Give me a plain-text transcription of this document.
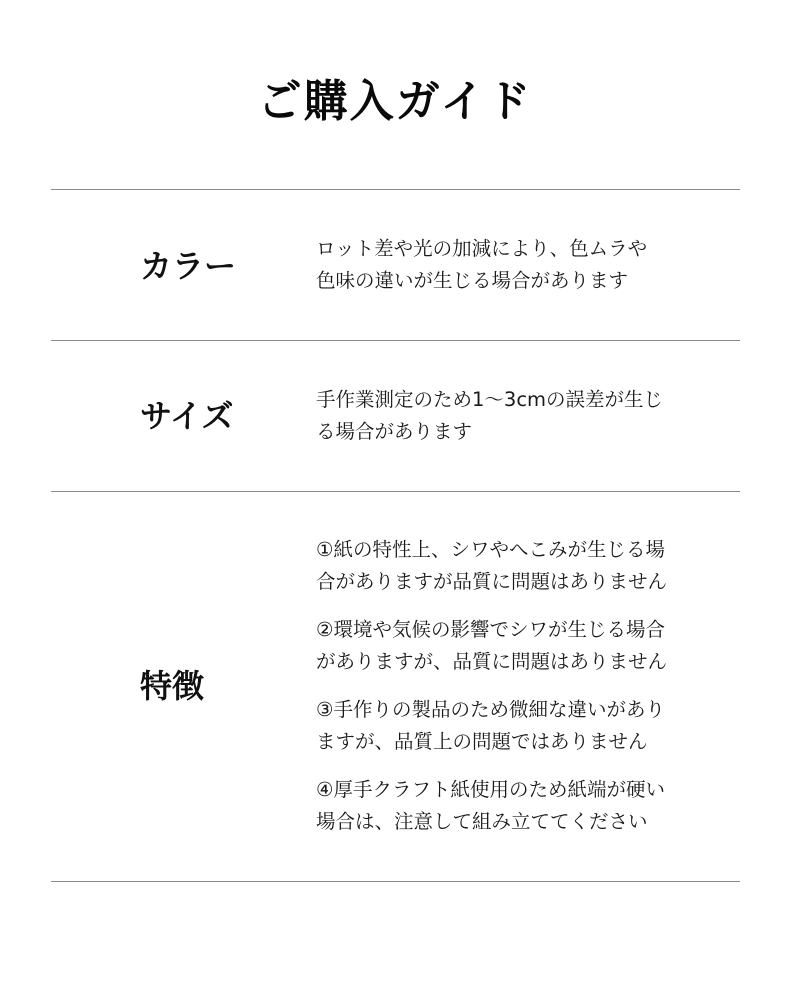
ご購入ガイド
カラー	ロット差や光の加減により、色ムラや
色味の違いが生じる場合があります
サイズ	手作業測定のため1〜3cmの誤差が生じ
る場合があります
特徴
①紙の特性上、シワやへこみが生じる場
合がありますが品質に問題はありません
②環境や気候の影響でシワが生じる場合
がありますが、品質に問題はありません
③手作りの製品のため微細な違いがあり
ますが、品質上の問題ではありません
④厚手クラフト紙使用のため紙端が硬い
場合は、注意して組み立ててください
